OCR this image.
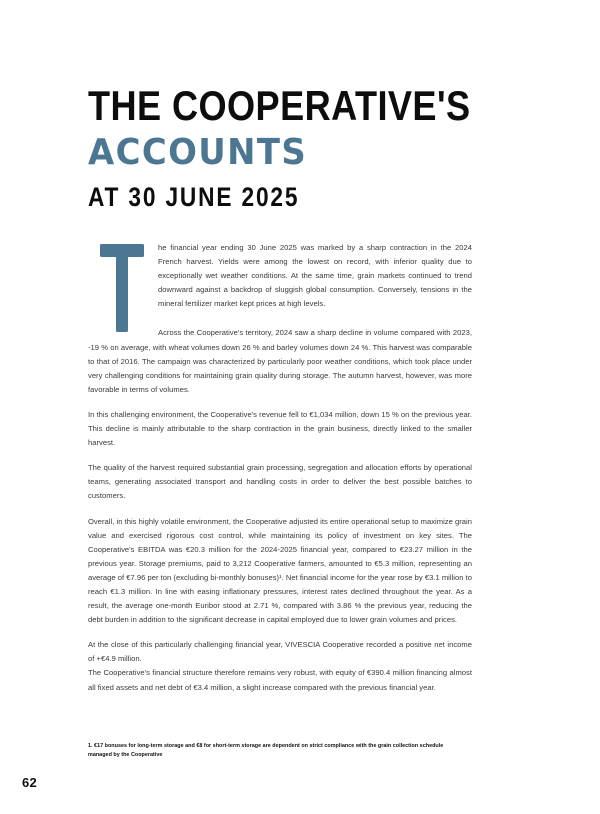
THE COOPERATIVE'S
ACCOUNTS
AT 30 JUNE 2025

he financial year ending 30 June 2025 was marked by a sharp contraction in the 2024 French harvest. Yields were among the lowest on record, with inferior quality due to exceptionally wet weather conditions. At the same time, grain markets continued to trend downward against a backdrop of sluggish global consumption. Conversely, tensions in the mineral fertilizer market kept prices at high levels.

Across the Cooperative's territory, 2024 saw a sharp decline in volume compared with 2023, -19 % on average, with wheat volumes down 26 % and barley volumes down 24 %. This harvest was comparable to that of 2016. The campaign was characterized by particularly poor weather conditions, which took place under very challenging conditions for maintaining grain quality during storage. The autumn harvest, however, was more favorable in terms of volumes.

In this challenging environment, the Cooperative's revenue fell to €1,034 million, down 15 % on the previous year. This decline is mainly attributable to the sharp contraction in the grain business, directly linked to the smaller harvest.

The quality of the harvest required substantial grain processing, segregation and allocation efforts by operational teams, generating associated transport and handling costs in order to deliver the best possible batches to customers.

Overall, in this highly volatile environment, the Cooperative adjusted its entire operational setup to maximize grain value and exercised rigorous cost control, while maintaining its policy of investment on key sites. The Cooperative's EBITDA was €20.3 million for the 2024-2025 financial year, compared to €23.27 million in the previous year. Storage premiums, paid to 3,212 Cooperative farmers, amounted to €5.3 million, representing an average of €7.96 per ton (excluding bi-monthly bonuses)¹. Net financial income for the year rose by €3.1 million to reach €1.3 million. In line with easing inflationary pressures, interest rates declined throughout the year. As a result, the average one-month Euribor stood at 2.71 %, compared with 3.86 % the previous year, reducing the debt burden in addition to the significant decrease in capital employed due to lower grain volumes and prices.

At the close of this particularly challenging financial year, VIVESCIA Cooperative recorded a positive net income of +€4.9 million.

The Cooperative's financial structure therefore remains very robust, with equity of €390.4 million financing almost all fixed assets and net debt of €3.4 million, a slight increase compared with the previous financial year.

1. €17 bonuses for long-term storage and €8 for short-term storage are dependent on strict compliance with the grain collection schedule managed by the Cooperative
62
